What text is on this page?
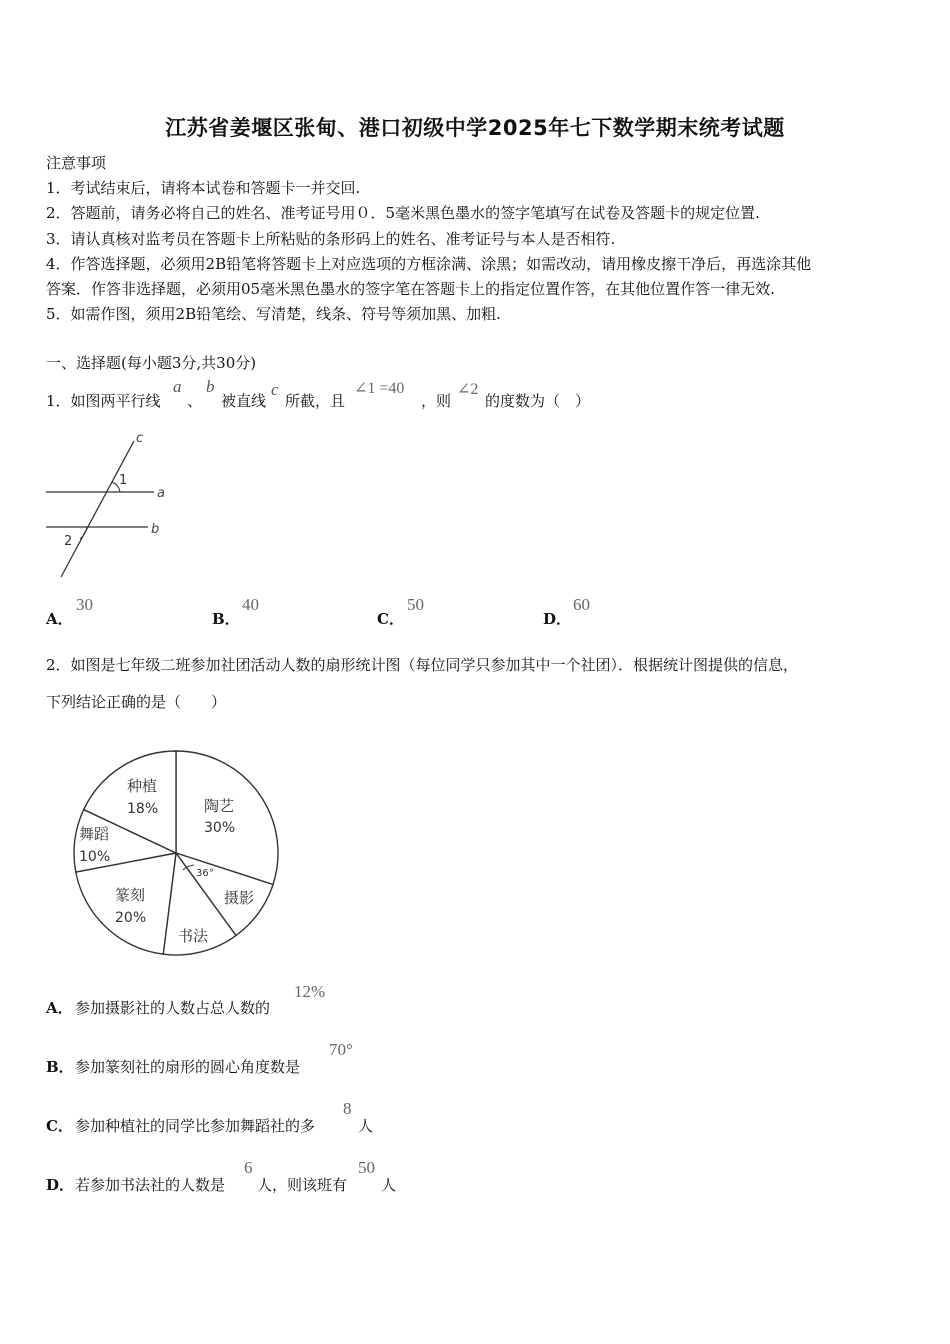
江苏省姜堰区张甸、港口初级中学2025年七下数学期末统考试题
注意事项
1．考试结束后，请将本试卷和答题卡一并交回.
2．答题前，请务必将自己的姓名、准考证号用０．5毫米黑色墨水的签字笔填写在试卷及答题卡的规定位置.
3．请认真核对监考员在答题卡上所粘贴的条形码上的姓名、准考证号与本人是否相符.
4．作答选择题，必须用2B铅笔将答题卡上对应选项的方框涂满、涂黑；如需改动，请用橡皮擦干净后，再选涂其他
答案．作答非选择题，必须用05毫米黑色墨水的签字笔在答题卡上的指定位置作答，在其他位置作答一律无效.
5．如需作图，须用2B铅笔绘、写清楚，线条、符号等须加黑、加粗.
一、选择题(每小题3分,共30分)
1．如图两平行线
a
、
b
被直线
c
所截，且
∠1 =40
，则
∠2
的度数为（　）
c
a
b
1
2
A．
30
B．
40
C．
50
D．
60
2．如图是七年级二班参加社团活动人数的扇形统计图（每位同学只参加其中一个社团）．根据统计图提供的信息，
下列结论正确的是（　　）
36°
陶艺
30%
种植
18%
舞蹈
10%
篆刻
20%
书法
摄影
A． 参加摄影社的人数占总人数的
12%
B． 参加篆刻社的扇形的圆心角度数是
70°
C． 参加种植社的同学比参加舞蹈社的多
8
人
D． 若参加书法社的人数是
6
人，则该班有
50
人
